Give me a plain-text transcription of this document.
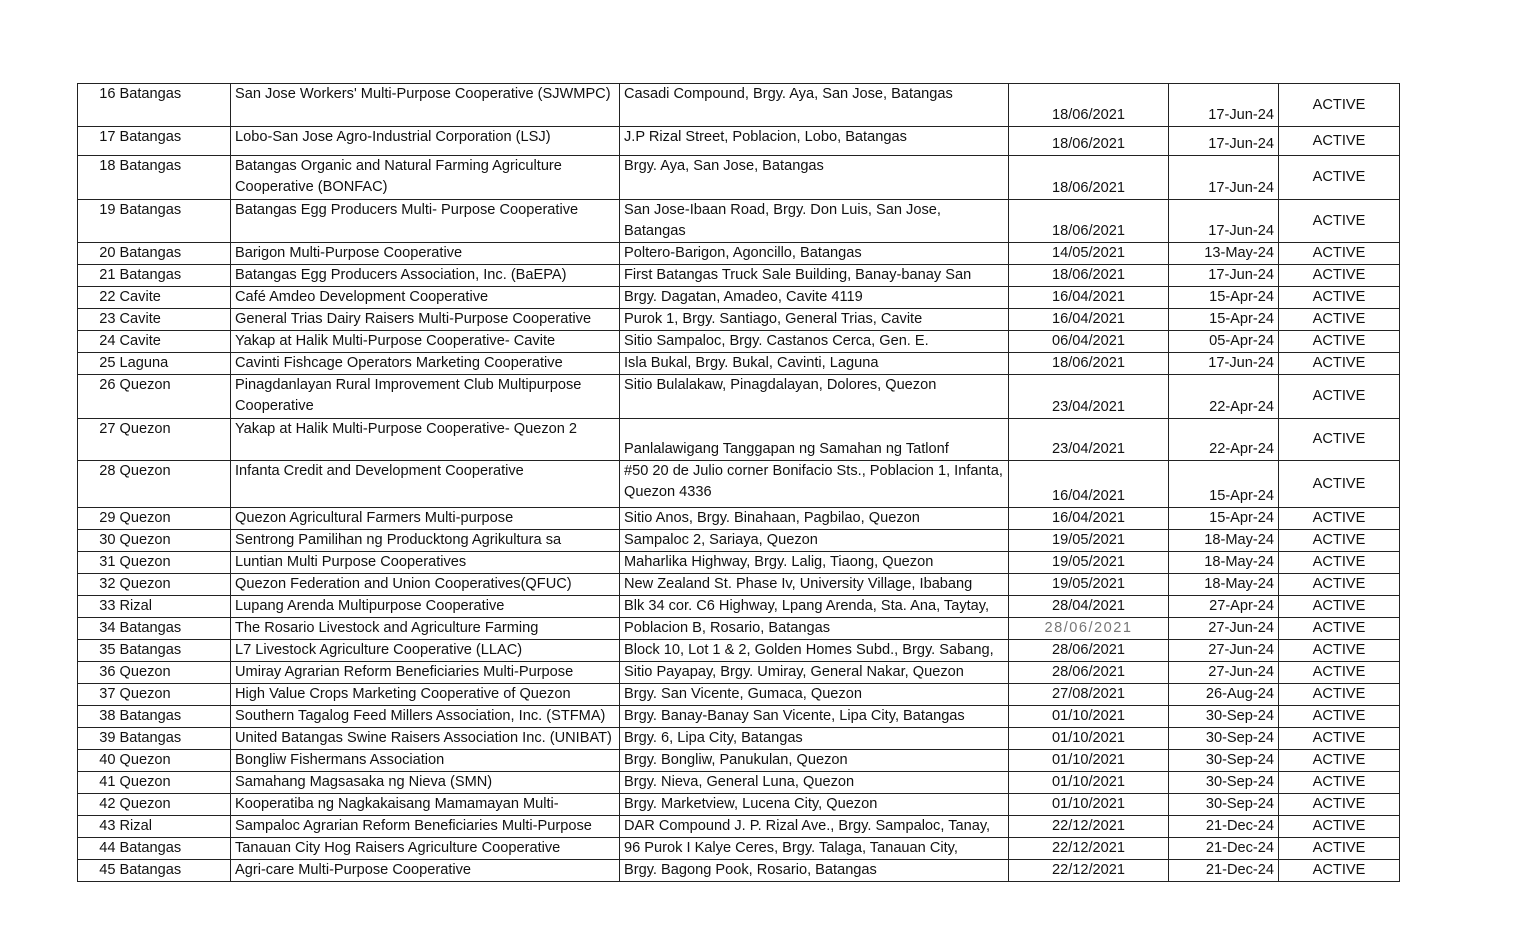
16	Batangas	San Jose Workers' Multi-Purpose Cooperative (SJWMPC)	Casadi Compound, Brgy. Aya, San Jose, Batangas	18/06/2021	17-Jun-24	ACTIVE
17	Batangas	Lobo-San Jose Agro-Industrial Corporation (LSJ)	J.P Rizal Street, Poblacion, Lobo, Batangas	18/06/2021	17-Jun-24	ACTIVE
18	Batangas	Batangas Organic and Natural Farming Agriculture Cooperative (BONFAC)	Brgy. Aya, San Jose, Batangas	18/06/2021	17-Jun-24	ACTIVE
19	Batangas	Batangas Egg Producers Multi- Purpose Cooperative	San Jose-Ibaan Road, Brgy. Don Luis, San Jose, Batangas	18/06/2021	17-Jun-24	ACTIVE
20	Batangas	Barigon Multi-Purpose Cooperative	Poltero-Barigon, Agoncillo, Batangas	14/05/2021	13-May-24	ACTIVE
21	Batangas	Batangas Egg Producers Association, Inc. (BaEPA)	First Batangas Truck Sale Building, Banay-banay San	18/06/2021	17-Jun-24	ACTIVE
22	Cavite	Café Amdeo Development Cooperative	Brgy. Dagatan, Amadeo, Cavite 4119	16/04/2021	15-Apr-24	ACTIVE
23	Cavite	General Trias Dairy Raisers Multi-Purpose Cooperative	Purok 1, Brgy. Santiago, General Trias, Cavite	16/04/2021	15-Apr-24	ACTIVE
24	Cavite	Yakap at Halik Multi-Purpose Cooperative- Cavite	Sitio Sampaloc, Brgy. Castanos Cerca, Gen. E.	06/04/2021	05-Apr-24	ACTIVE
25	Laguna	Cavinti Fishcage Operators Marketing Cooperative	Isla Bukal, Brgy. Bukal, Cavinti, Laguna	18/06/2021	17-Jun-24	ACTIVE
26	Quezon	Pinagdanlayan Rural Improvement Club Multipurpose Cooperative	Sitio Bulalakaw, Pinagdalayan, Dolores, Quezon	23/04/2021	22-Apr-24	ACTIVE
27	Quezon	Yakap at Halik Multi-Purpose Cooperative- Quezon 2	Panlalawigang Tanggapan ng Samahan ng Tatlonf	23/04/2021	22-Apr-24	ACTIVE
28	Quezon	Infanta Credit and Development Cooperative	#50 20 de Julio corner Bonifacio Sts., Poblacion 1, Infanta, Quezon 4336	16/04/2021	15-Apr-24	ACTIVE
29	Quezon	Quezon Agricultural Farmers Multi-purpose	Sitio Anos, Brgy. Binahaan, Pagbilao, Quezon	16/04/2021	15-Apr-24	ACTIVE
30	Quezon	Sentrong Pamilihan ng Producktong Agrikultura sa	Sampaloc 2, Sariaya, Quezon	19/05/2021	18-May-24	ACTIVE
31	Quezon	Luntian Multi Purpose Cooperatives	Maharlika Highway, Brgy. Lalig, Tiaong, Quezon	19/05/2021	18-May-24	ACTIVE
32	Quezon	Quezon Federation and Union Cooperatives(QFUC)	New Zealand St. Phase Iv, University Village, Ibabang	19/05/2021	18-May-24	ACTIVE
33	Rizal	Lupang Arenda Multipurpose Cooperative	Blk 34 cor. C6 Highway, Lpang Arenda, Sta. Ana, Taytay,	28/04/2021	27-Apr-24	ACTIVE
34	Batangas	The Rosario Livestock and Agriculture Farming	Poblacion B, Rosario, Batangas	28/06/2021	27-Jun-24	ACTIVE
35	Batangas	L7 Livestock Agriculture Cooperative (LLAC)	Block 10, Lot 1 & 2, Golden Homes Subd., Brgy. Sabang,	28/06/2021	27-Jun-24	ACTIVE
36	Quezon	Umiray Agrarian Reform Beneficiaries Multi-Purpose	Sitio Payapay, Brgy. Umiray, General Nakar, Quezon	28/06/2021	27-Jun-24	ACTIVE
37	Quezon	High Value Crops Marketing Cooperative of Quezon	Brgy. San Vicente, Gumaca, Quezon	27/08/2021	26-Aug-24	ACTIVE
38	Batangas	Southern Tagalog Feed Millers Association, Inc. (STFMA)	Brgy. Banay-Banay San Vicente, Lipa City, Batangas	01/10/2021	30-Sep-24	ACTIVE
39	Batangas	United Batangas Swine Raisers Association Inc. (UNIBAT)	Brgy. 6, Lipa City, Batangas	01/10/2021	30-Sep-24	ACTIVE
40	Quezon	Bongliw Fishermans Association	Brgy. Bongliw, Panukulan, Quezon	01/10/2021	30-Sep-24	ACTIVE
41	Quezon	Samahang Magsasaka ng Nieva (SMN)	Brgy. Nieva, General Luna, Quezon	01/10/2021	30-Sep-24	ACTIVE
42	Quezon	Kooperatiba ng Nagkakaisang Mamamayan Multi-	Brgy. Marketview, Lucena City, Quezon	01/10/2021	30-Sep-24	ACTIVE
43	Rizal	Sampaloc Agrarian Reform Beneficiaries Multi-Purpose	DAR Compound J. P. Rizal Ave., Brgy. Sampaloc, Tanay,	22/12/2021	21-Dec-24	ACTIVE
44	Batangas	Tanauan City Hog Raisers Agriculture Cooperative	96 Purok I Kalye Ceres, Brgy. Talaga, Tanauan City,	22/12/2021	21-Dec-24	ACTIVE
45	Batangas	Agri-care Multi-Purpose Cooperative	Brgy. Bagong Pook, Rosario, Batangas	22/12/2021	21-Dec-24	ACTIVE
